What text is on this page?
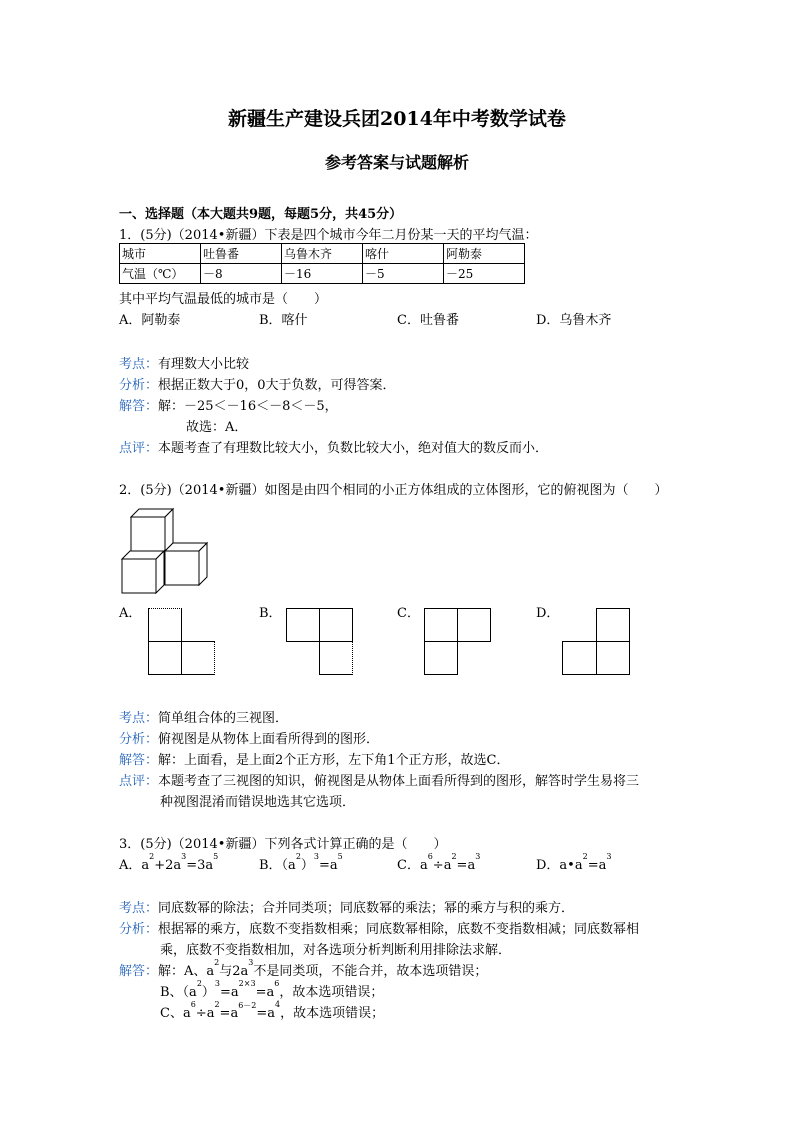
新疆生产建设兵团2014年中考数学试卷
参考答案与试题解析
一、选择题（本大题共9题，每题5分，共45分）
1．(5分)（2014•新疆）下表是四个城市今年二月份某一天的平均气温：
城市	吐鲁番	乌鲁木齐	喀什	阿勒泰
气温（℃）	－8	－16	－5	－25
其中平均气温最低的城市是（　　）
A．阿勒泰	B．喀什	C．吐鲁番	D．乌鲁木齐
考点：有理数大小比较
分析：根据正数大于0，0大于负数，可得答案．
解答：解：－25＜－16＜－8＜－5，
故选：A．
点评：本题考查了有理数比较大小，负数比较大小，绝对值大的数反而小．
2．(5分)（2014•新疆）如图是由四个相同的小正方体组成的立体图形，它的俯视图为（　　）
A．	B．	C．	D．
考点：简单组合体的三视图．
分析：俯视图是从物体上面看所得到的图形．
解答：解：上面看，是上面2个正方形，左下角1个正方形，故选C．
点评：本题考查了三视图的知识，俯视图是从物体上面看所得到的图形，解答时学生易将三
种视图混淆而错误地选其它选项．
3．(5分)（2014•新疆）下列各式计算正确的是（　　）
A．$a^2+2a^3=3a^5$
B．$(a^2)^3=a^5$
C．$a^6\div a^2=a^3$
D．$a•a^2=a^3$
考点：同底数幂的除法；合并同类项；同底数幂的乘法；幂的乘方与积的乘方．
分析：根据幂的乘方，底数不变指数相乘；同底数幂相除，底数不变指数相减；同底数幂相
乘，底数不变指数相加，对各选项分析判断利用排除法求解．
解答：解：A、$a^2$与$2a^3$不是同类项，不能合并，故本选项错误；
B、$(a^2)^3=a^{2\times 3}=a^6$，故本选项错误；
C、$a^6\div a^2=a^{6-2}=a^4$，故本选项错误；
